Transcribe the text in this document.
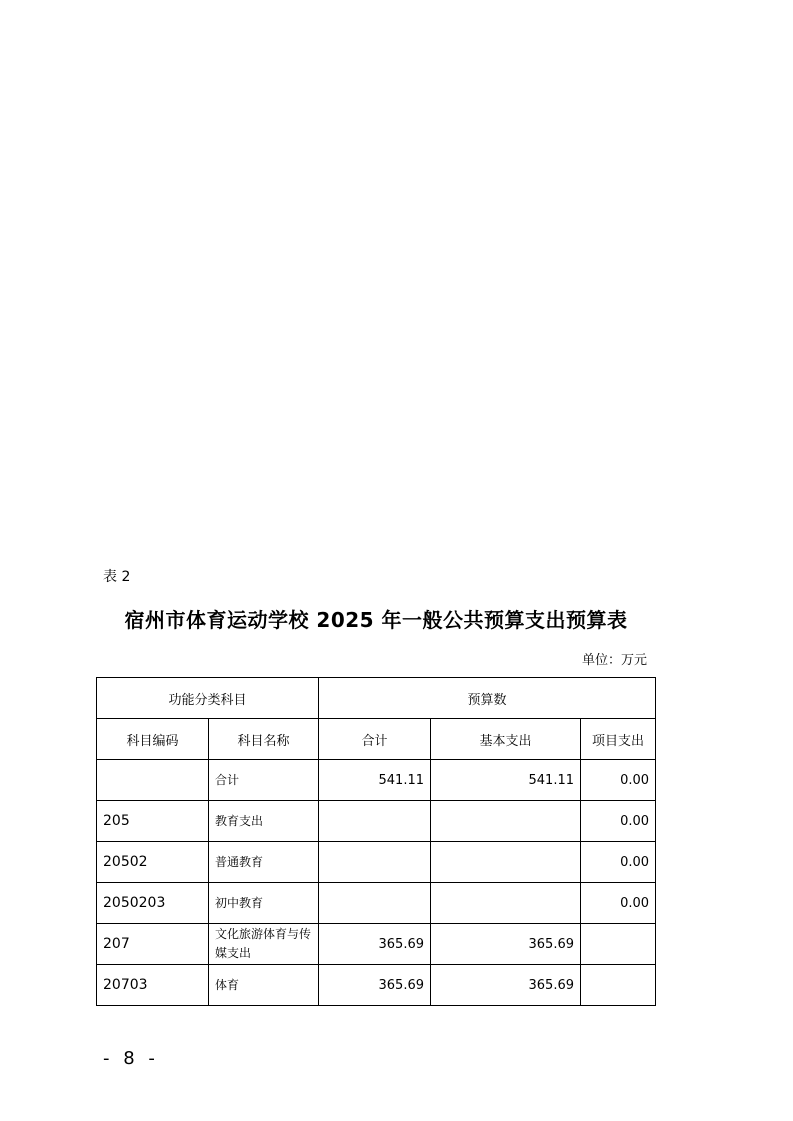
表 2
宿州市体育运动学校 2025 年一般公共预算支出预算表
单位：万元
功能分类科目		预算数		
科目编码	科目名称	合计	基本支出	项目支出
	合计	541.11	541.11	0.00
205	教育支出			0.00
20502	普通教育			0.00
2050203	初中教育			0.00
207	文化旅游体育与传媒支出	365.69	365.69	
20703	体育	365.69	365.69	
- 8 -
